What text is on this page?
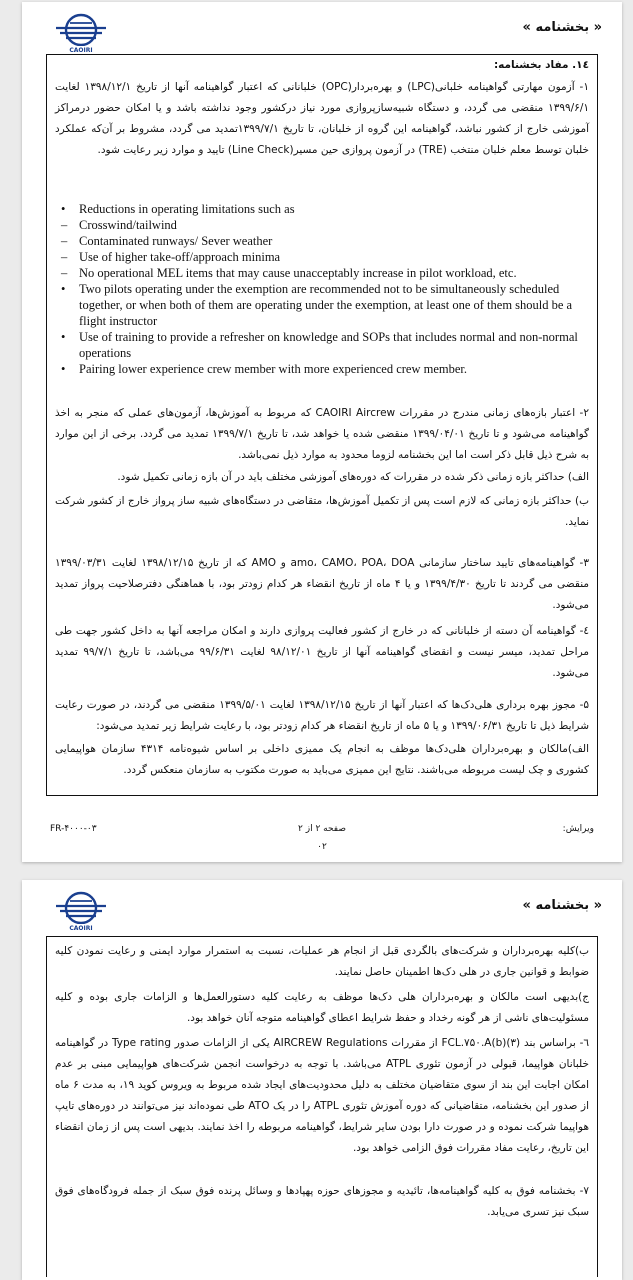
CAOIRI
« بخشنامه »
۱٤. مفاد بخشنامه:
۱- آزمون مهارتی گواهینامه خلبانی(LPC) و بهره‌بردار(OPC) خلبانانی که اعتبار گواهینامه آنها از تاریخ ۱۳۹۸/۱۲/۱ لغایت ۱۳۹۹/۶/۱ منقضی می گردد، و دستگاه شبیه‌سازپروازی مورد نیاز درکشور وجود نداشته باشد و یا امکان حضور درمراکز آموزشی خارج از کشور نباشد، گواهینامه این گروه از خلبانان، تا تاریخ ۱۳۹۹/۷/۱تمدید می گردد، مشروط بر آن‌که عملکرد خلبان توسط معلم خلبان منتخب (TRE) در آزمون پروازی حین مسیر(Line Check) تایید و موارد زیر رعایت شود.
• Reductions in operating limitations such as
– Crosswind/tailwind
– Contaminated runways/ Sever weather
– Use of higher take-off/approach minima
– No operational MEL items that may cause unacceptably increase in pilot workload, etc.
• Two pilots operating under the exemption are recommended not to be simultaneously scheduled together, or when both of them are operating under the exemption, at least one of them should be a flight instructor
• Use of training to provide a refresher on knowledge and SOPs that includes normal and non-normal operations
• Pairing lower experience crew member with more experienced crew member.
۲- اعتبار بازه‌های زمانی مندرج در مقررات CAOIRI Aircrew که مربوط به آموزش‌ها، آزمون‌های عملی که منجر به اخذ گواهینامه می‌شود و تا تاریخ ۱۳۹۹/۰۴/۰۱ منقضی شده یا خواهد شد، تا تاریخ ۱۳۹۹/۷/۱ تمدید می گردد. برخی از این موارد به شرح ذیل قابل ذکر است اما این بخشنامه لزوما محدود به موارد ذیل نمی‌باشد.
الف) حداکثر بازه زمانی ذکر شده در مقررات که دوره‌های آموزشی مختلف باید در آن بازه زمانی تکمیل شود.
ب) حداکثر بازه زمانی که لازم است پس از تکمیل آموزش‌ها، متقاضی در دستگاه‌های شبیه ساز پرواز خارج از کشور شرکت نماید.
۳- گواهینامه‌های تایید ساختار سازمانی amo، CAMO، POA، DOA و AMO که از تاریخ ۱۳۹۸/۱۲/۱۵ لغایت ۱۳۹۹/۰۳/۳۱ منقضی می گردند تا تاریخ ۱۳۹۹/۴/۳۰ و یا ۴ ماه از تاریخ انقضاء هر کدام زودتر بود، با هماهنگی دفترصلاحیت پرواز تمدید می‌شود.
٤- گواهینامه آن دسته از خلبانانی که در خارج از کشور فعالیت پروازی دارند و امکان مراجعه آنها به داخل کشور جهت طی مراحل تمدید، میسر نیست و انقضای گواهینامه آنها از تاریخ ۹۸/۱۲/۰۱ لغایت ۹۹/۶/۳۱ می‌باشد، تا تاریخ ۹۹/۷/۱ تمدید می‌شود.
۵- مجوز بهره برداری هلی‌دک‌ها که اعتبار آنها از تاریخ ۱۳۹۸/۱۲/۱۵ لغایت ۱۳۹۹/۵/۰۱ منقضی می گردند، در صورت رعایت شرایط ذیل تا تاریخ ۱۳۹۹/۰۶/۳۱ و یا ۵ ماه از تاریخ انقضاء هر کدام زودتر بود، با رعایت شرایط زیر تمدید می‌شود:
الف)مالکان و بهره‌برداران هلی‌دک‌ها موظف به انجام یک ممیزی داخلی بر اساس شیوه‌نامه ۴۳۱۴ سازمان هواپیمایی کشوری و چک لیست مربوطه می‌باشند. نتایج این ممیزی می‌باید به صورت مکتوب به سازمان منعکس گردد.
ویرایش:
صفحه ۲ از ۲
FR-۴۰۰۰-۰۳
۰۲
CAOIRI
« بخشنامه »
ب)کلیه بهره‌برداران و شرکت‌های بالگردی قبل از انجام هر عملیات، نسبت به استمرار موارد ایمنی و رعایت نمودن کلیه ضوابط و قوانین جاری در هلی دک‌ها اطمینان حاصل نمایند.
ج)بدیهی است مالکان و بهره‌برداران هلی دک‌ها موظف به رعایت کلیه دستورالعمل‌ها و الزامات جاری بوده و کلیه مسئولیت‌های ناشی از هر گونه رخداد و حفظ شرایط اعطای گواهینامه متوجه آنان خواهد بود.
٦- براساس بند FCL.۷۵۰.A(b)(۳) از مقررات AIRCREW Regulations یکی از الزامات صدور Type rating در گواهینامه خلبانان هواپیما، قبولی در آزمون تئوری ATPL می‌باشد. با توجه به درخواست انجمن شرکت‌های هواپیمایی مبنی بر عدم امکان اجابت این بند از سوی متقاضیان مختلف به دلیل محدودیت‌های ایجاد شده مربوط به ویروس کوید ۱۹، به مدت ۶ ماه از صدور این بخشنامه، متقاضیانی که دوره آموزش تئوری ATPL را در یک ATO طی نموده‌اند نیز می‌توانند در دوره‌های تایپ هواپیما شرکت نموده و در صورت دارا بودن سایر شرایط، گواهینامه مربوطه را اخذ نمایند. بدیهی است پس از زمان انقضاء این تاریخ، رعایت مفاد مقررات فوق الزامی خواهد بود.
٧- بخشنامه فوق به کلیه گواهینامه‌ها، تائیدیه و مجوزهای حوزه پهپادها و وسائل پرنده فوق سبک از جمله فرودگاه‌های فوق سبک نیز تسری می‌یابد.
